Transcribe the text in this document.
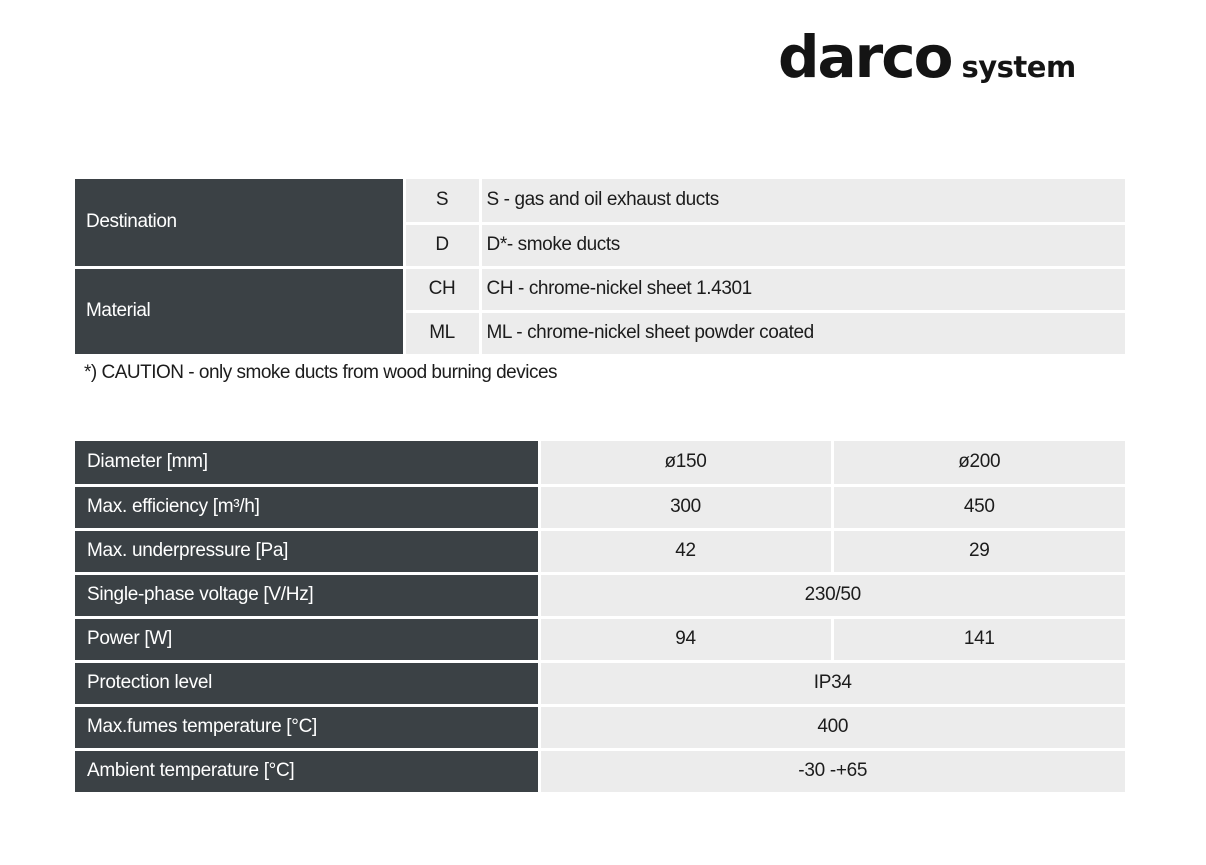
darco system
Destination	S	S - gas and oil exhaust ducts
	D	D*- smoke ducts
Material	CH	CH - chrome-nickel sheet 1.4301
	ML	ML - chrome-nickel sheet powder coated
*) CAUTION - only smoke ducts from wood burning devices
Diameter [mm]	ø150	ø200
Max. efficiency [m³/h]	300	450
Max. underpressure [Pa]	42	29
Single-phase voltage [V/Hz]	230/50	
Power [W]	94	141
Protection level	IP34	
Max.fumes temperature [°C]	400	
Ambient temperature [°C]	-30 -+65	
